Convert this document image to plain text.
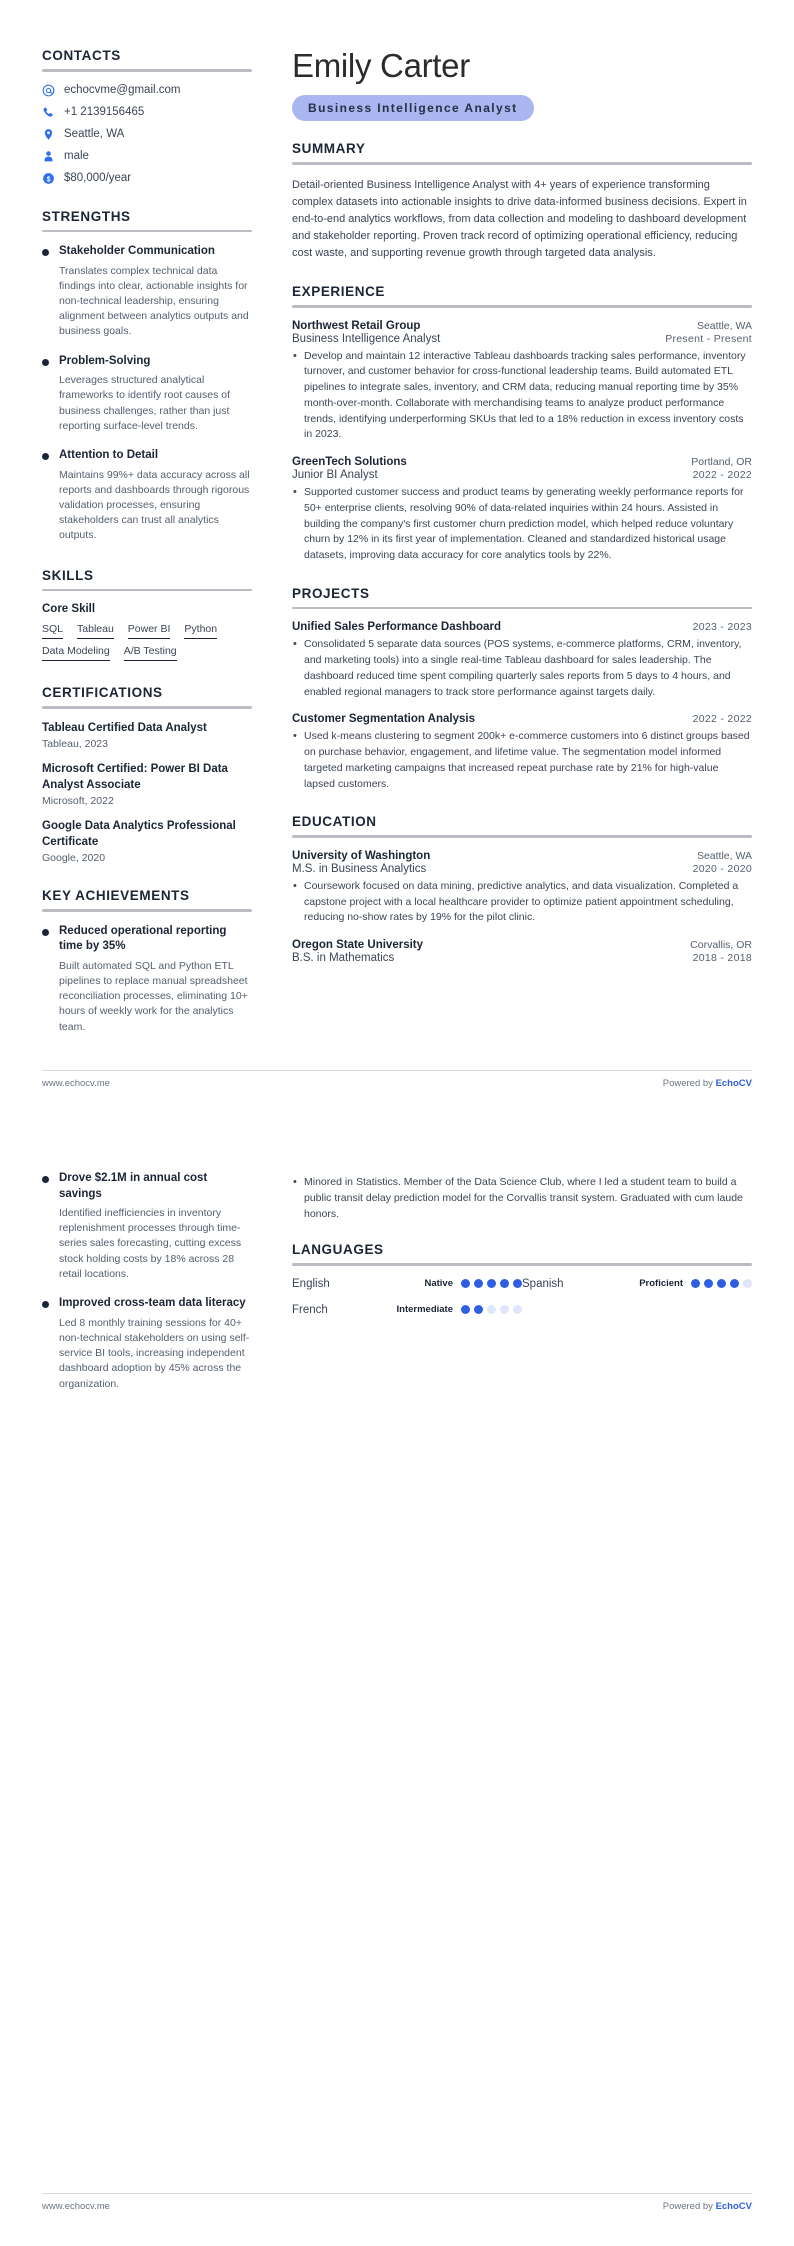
CONTACTS
echocvme@gmail.com
+1 2139156465
Seattle, WA
male
$ $80,000/year
STRENGTHS
Stakeholder Communication
Translates complex technical data findings into clear, actionable insights for non-technical leadership, ensuring alignment between analytics outputs and business goals.
Problem-Solving
Leverages structured analytical frameworks to identify root causes of business challenges, rather than just reporting surface-level trends.
Attention to Detail
Maintains 99%+ data accuracy across all reports and dashboards through rigorous validation processes, ensuring stakeholders can trust all analytics outputs.
SKILLS
Core Skill
SQL Tableau Power BI Python
Data Modeling A/B Testing
CERTIFICATIONS
Tableau Certified Data Analyst
Tableau, 2023
Microsoft Certified: Power BI Data Analyst Associate
Microsoft, 2022
Google Data Analytics Professional Certificate
Google, 2020
KEY ACHIEVEMENTS
Reduced operational reporting time by 35%
Built automated SQL and Python ETL pipelines to replace manual spreadsheet reconciliation processes, eliminating 10+ hours of weekly work for the analytics team.
Emily Carter
Business Intelligence Analyst
SUMMARY
Detail-oriented Business Intelligence Analyst with 4+ years of experience transforming complex datasets into actionable insights to drive data-informed business decisions. Expert in end-to-end analytics workflows, from data collection and modeling to dashboard development and stakeholder reporting. Proven track record of optimizing operational efficiency, reducing cost waste, and supporting revenue growth through targeted data analysis.
EXPERIENCE
Northwest Retail Group	Seattle, WA
Business Intelligence Analyst	Present - Present
• Develop and maintain 12 interactive Tableau dashboards tracking sales performance, inventory turnover, and customer behavior for cross-functional leadership teams. Build automated ETL pipelines to integrate sales, inventory, and CRM data, reducing manual reporting time by 35% month-over-month. Collaborate with merchandising teams to analyze product performance trends, identifying underperforming SKUs that led to a 18% reduction in excess inventory costs in 2023.
GreenTech Solutions	Portland, OR
Junior BI Analyst	2022 - 2022
• Supported customer success and product teams by generating weekly performance reports for 50+ enterprise clients, resolving 90% of data-related inquiries within 24 hours. Assisted in building the company's first customer churn prediction model, which helped reduce voluntary churn by 12% in its first year of implementation. Cleaned and standardized historical usage datasets, improving data accuracy for core analytics tools by 22%.
PROJECTS
Unified Sales Performance Dashboard	2023 - 2023
• Consolidated 5 separate data sources (POS systems, e-commerce platforms, CRM, inventory, and marketing tools) into a single real-time Tableau dashboard for sales leadership. The dashboard reduced time spent compiling quarterly sales reports from 5 days to 4 hours, and enabled regional managers to track store performance against targets daily.
Customer Segmentation Analysis	2022 - 2022
• Used k-means clustering to segment 200k+ e-commerce customers into 6 distinct groups based on purchase behavior, engagement, and lifetime value. The segmentation model informed targeted marketing campaigns that increased repeat purchase rate by 21% for high-value lapsed customers.
EDUCATION
University of Washington	Seattle, WA
M.S. in Business Analytics	2020 - 2020
• Coursework focused on data mining, predictive analytics, and data visualization. Completed a capstone project with a local healthcare provider to optimize patient appointment scheduling, reducing no-show rates by 19% for the pilot clinic.
Oregon State University	Corvallis, OR
B.S. in Mathematics	2018 - 2018
www.echocv.me	Powered by EchoCV
Drove $2.1M in annual cost savings
Identified inefficiencies in inventory replenishment processes through time-series sales forecasting, cutting excess stock holding costs by 18% across 28 retail locations.
Improved cross-team data literacy
Led 8 monthly training sessions for 40+ non-technical stakeholders on using self-service BI tools, increasing independent dashboard adoption by 45% across the organization.
• Minored in Statistics. Member of the Data Science Club, where I led a student team to build a public transit delay prediction model for the Corvallis transit system. Graduated with cum laude honors.
LANGUAGES
English	Native	Spanish	Proficient
French	Intermediate
www.echocv.me	Powered by EchoCV
